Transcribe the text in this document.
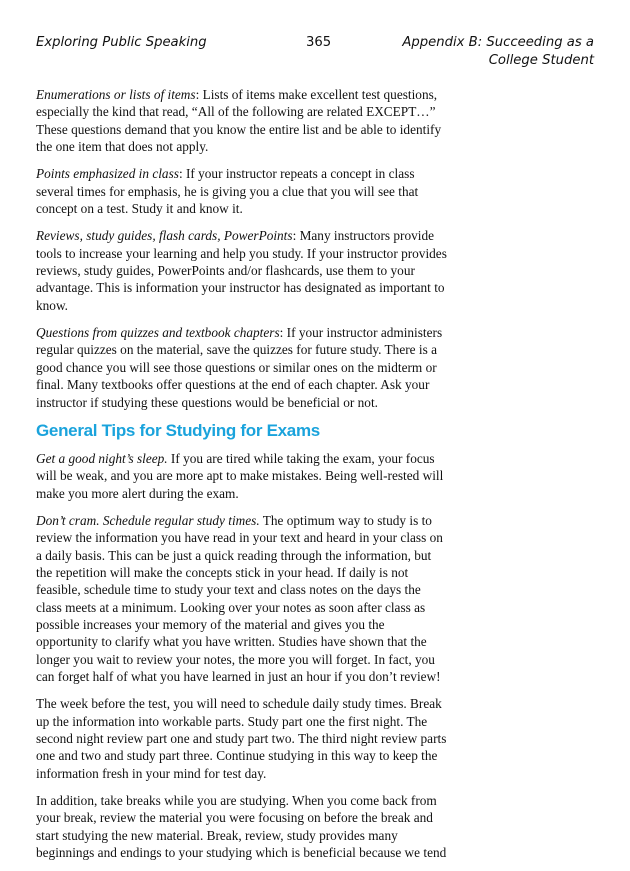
Exploring Public Speaking	365	Appendix B: Succeeding as a
College Student

Enumerations or lists of items: Lists of items make excellent test questions, especially the kind that read, “All of the following are related EXCEPT…” These questions demand that you know the entire list and be able to identify the one item that does not apply.

Points emphasized in class: If your instructor repeats a concept in class several times for emphasis, he is giving you a clue that you will see that concept on a test. Study it and know it.

Reviews, study guides, flash cards, PowerPoints: Many instructors provide tools to increase your learning and help you study. If your instructor provides reviews, study guides, PowerPoints and/or flashcards, use them to your advantage. This is information your instructor has designated as important to know.

Questions from quizzes and textbook chapters: If your instructor administers regular quizzes on the material, save the quizzes for future study. There is a good chance you will see those questions or similar ones on the midterm or final. Many textbooks offer questions at the end of each chapter. Ask your instructor if studying these questions would be beneficial or not.

General Tips for Studying for Exams

Get a good night’s sleep. If you are tired while taking the exam, your focus will be weak, and you are more apt to make mistakes. Being well-rested will make you more alert during the exam.

Don’t cram. Schedule regular study times. The optimum way to study is to review the information you have read in your text and heard in your class on a daily basis. This can be just a quick reading through the information, but the repetition will make the concepts stick in your head. If daily is not feasible, schedule time to study your text and class notes on the days the class meets at a minimum. Looking over your notes as soon after class as possible increases your memory of the material and gives you the opportunity to clarify what you have written. Studies have shown that the longer you wait to review your notes, the more you will forget. In fact, you can forget half of what you have learned in just an hour if you don’t review!

The week before the test, you will need to schedule daily study times. Break up the information into workable parts. Study part one the first night. The second night review part one and study part two. The third night review parts one and two and study part three. Continue studying in this way to keep the information fresh in your mind for test day.

In addition, take breaks while you are studying. When you come back from your break, review the material you were focusing on before the break and start studying the new material. Break, review, study provides many beginnings and endings to your studying which is beneficial because we tend
